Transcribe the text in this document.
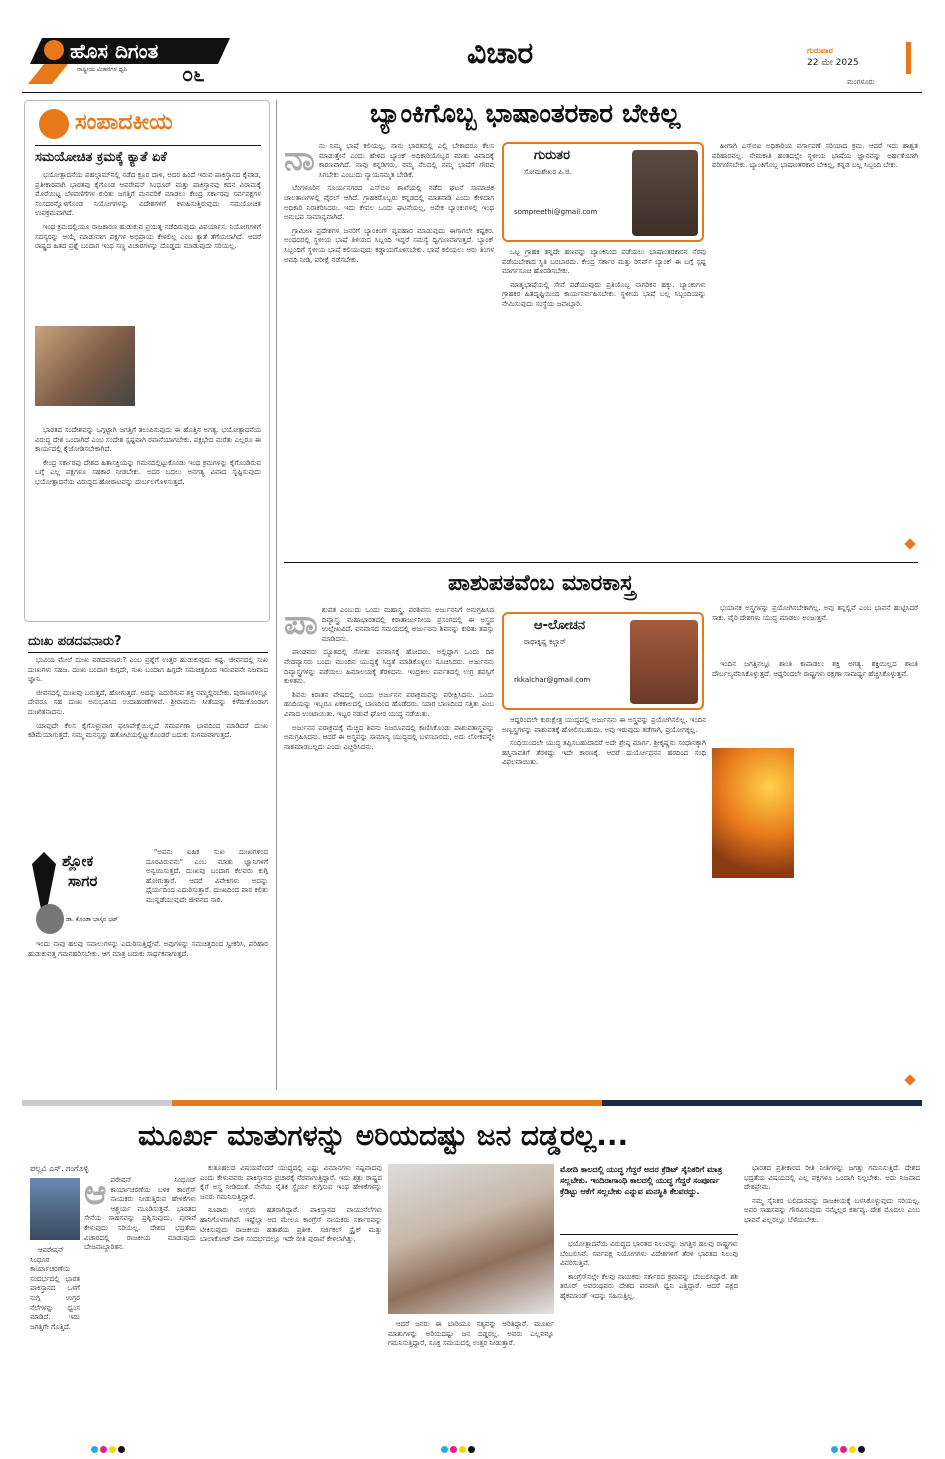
ಹೊಸ ದಿಗಂತ
ರಾಷ್ಟ್ರೀಯ ವಿಚಾರಗಳ ಧ್ವನಿ	೦೬
ವಿಚಾರ	ಗುರುವಾರ
22 ಮೇ 2025
ಮಂಗಳೂರು
ಸಂಪಾದಕೀಯ
ಸಮಯೋಚಿತ ಕ್ರಮಕ್ಕೆ ಕ್ಯಾತೆ ಏಕೆ

ಭಯೋತ್ಪಾದನೆಯ ಪಹಲ್ಗಾಮ್‌ನಲ್ಲಿ ನಡೆದ ಕ್ರೂರ ದಾಳಿ, ಅದರ ಹಿಂದೆ ಇರುವ ಪಾಕಿಸ್ತಾನದ ಕೈವಾಡ, ಪ್ರತೀಕಾರವಾಗಿ ಭಾರತವು ಕೈಗೊಂಡ ಆಪರೇಷನ್ ಸಿಂಧೂರ್ ಮತ್ತು ಪಾಕಿಸ್ತಾನವು ಕದನ ವಿರಾಮಕ್ಕೆ ಮೊರೆಯಿಟ್ಟ ಬೆಳವಣಿಗೆಗಳ ಕುರಿತು ಜಗತ್ತಿಗೆ ಮನವರಿಕೆ ಮಾಡಲು ಕೇಂದ್ರ ಸರ್ಕಾರವು ಸರ್ವಪಕ್ಷಗಳ ಸಂಸದರನ್ನೊಳಗೊಂಡ ನಿಯೋಗಗಳನ್ನು ವಿದೇಶಗಳಿಗೆ ಕಳುಹಿಸುತ್ತಿರುವುದು ಸಮಯೋಚಿತ ಉಪಕ್ರಮವಾಗಿದೆ.

ಇಂಥ ಕ್ರಮದಲ್ಲಿಯೂ ರಾಜಕಾರಣ ಹುಡುಕುವ ಪ್ರಯತ್ನ ನಡೆದಿರುವುದು ವಿಪರ್ಯಾಸ. ನಿಯೋಗಗಳಿಗೆ ಸದಸ್ಯರನ್ನು ಆಯ್ಕೆ ಮಾಡುವಾಗ ಪಕ್ಷಗಳ ಅಭಿಪ್ರಾಯ ಕೇಳಲಿಲ್ಲ ಎಂಬ ಕ್ಯಾತೆ ತೆಗೆಯಲಾಗಿದೆ. ಆದರೆ ರಾಷ್ಟ್ರದ ಹಿತದ ಪ್ರಶ್ನೆ ಬಂದಾಗ ಇಂಥ ಸಣ್ಣ ವಿಚಾರಗಳನ್ನು ದೊಡ್ಡದು ಮಾಡುವುದು ಸರಿಯಲ್ಲ.

ಭಾರತದ ಸಂದೇಶವನ್ನು ಒಗ್ಗಟ್ಟಾಗಿ ಜಗತ್ತಿಗೆ ತಲುಪಿಸುವುದು ಈ ಹೊತ್ತಿನ ಅಗತ್ಯ. ಭಯೋತ್ಪಾದನೆಯ ವಿರುದ್ಧ ದೇಶ ಒಂದಾಗಿದೆ ಎಂಬ ಸಂದೇಶ ಸ್ಪಷ್ಟವಾಗಿ ರವಾನೆಯಾಗಬೇಕು. ಪಕ್ಷಭೇದ ಮರೆತು ಎಲ್ಲರೂ ಈ ಕಾರ್ಯದಲ್ಲಿ ಕೈಜೋಡಿಸಬೇಕಾಗಿದೆ.

ಕೇಂದ್ರ ಸರ್ಕಾರವು ದೇಶದ ಹಿತಾಸಕ್ತಿಯನ್ನು ಗಮನದಲ್ಲಿಟ್ಟುಕೊಂಡು ಇಂಥ ಕ್ರಮಗಳನ್ನು ಕೈಗೊಂಡಿರುವ ಬಗ್ಗೆ ಎಲ್ಲ ಪಕ್ಷಗಳೂ ಸಹಕಾರ ನೀಡಬೇಕು. ಅದರ ಬದಲು ಅನಗತ್ಯ ವಿವಾದ ಸೃಷ್ಟಿಸುವುದು ಭಯೋತ್ಪಾದನೆಯ ವಿರುದ್ಧದ ಹೋರಾಟವನ್ನು ದುರ್ಬಲಗೊಳಿಸುತ್ತದೆ.

ದುಃಖ ಪಡದವನಾರು?

ಭುವಿಯ ಮೇಲೆ ದುಃಖ ಪಡದವನಾರು? ಎಂಬ ಪ್ರಶ್ನೆಗೆ ಉತ್ತರ ಹುಡುಕುವುದು ಕಷ್ಟ. ಜೀವನದಲ್ಲಿ ಸುಖ ದುಃಖಗಳು ಸಹಜ. ದುಃಖ ಬಂದಾಗ ಕುಗ್ಗದೇ, ಸುಖ ಬಂದಾಗ ಹಿಗ್ಗದೇ ಸಮಚಿತ್ತದಿಂದ ಇರುವವನೇ ನಿಜವಾದ ಜ್ಞಾನಿ.

ಜೀವನದಲ್ಲಿ ದುಃಖವು ಬರುತ್ತದೆ, ಹೋಗುತ್ತದೆ. ಅದನ್ನು ಎದುರಿಸುವ ಶಕ್ತಿ ನಮ್ಮಲ್ಲಿರಬೇಕು. ಪುರಾಣಗಳಲ್ಲೂ ದೇವರೂ ಸಹ ದುಃಖ ಅನುಭವಿಸಿದ ಉದಾಹರಣೆಗಳಿವೆ. ಶ್ರೀರಾಮನು ಸೀತೆಯನ್ನು ಕಳೆದುಕೊಂಡಾಗ ದುಃಖಿತನಾದನು.

ಯಾವುದೇ ಕೆಲಸ ಕೈಗೊಳ್ಳುವಾಗ ಫಲಾಪೇಕ್ಷೆಯಿಲ್ಲದೆ ಸಮರ್ಪಣಾ ಭಾವದಿಂದ ಮಾಡಿದರೆ ದುಃಖ ಕಡಿಮೆಯಾಗುತ್ತದೆ. ನಮ್ಮ ಮನಸ್ಸನ್ನು ಹತೋಟಿಯಲ್ಲಿಟ್ಟುಕೊಂಡರೆ ಬದುಕು ಸುಗಮವಾಗುತ್ತದೆ.

ಶ್ಲೋಕ
ಸಾಗರ
ಡಾ. ಕೊಂಡಾ ಭಾಸ್ಕರ ಭಟ್

"ಅವನು ಐಹಿಕ ಸುಖ ದುಃಖಗಳಿಂದ ದೂರವಿರುವನು" ಎಂಬ ಮಾತು ಜ್ಞಾನಿಗಳಿಗೆ ಅನ್ವಯಿಸುತ್ತದೆ. ದುಃಖವು ಬಂದಾಗ ಕೆಲವರು ಕುಗ್ಗಿ ಹೋಗುತ್ತಾರೆ. ಆದರೆ ವಿವೇಕಿಗಳು ಅದನ್ನು ಧೈರ್ಯದಿಂದ ಎದುರಿಸುತ್ತಾರೆ. ದುಃಖದಿಂದ ಪಾಠ ಕಲಿತು ಮುನ್ನಡೆಯುವುದೇ ಜೀವನದ ಸಾರ.

ಇಂದು ನಾವು ಹಲವು ಸವಾಲುಗಳನ್ನು ಎದುರಿಸುತ್ತಿದ್ದೇವೆ. ಅವುಗಳನ್ನು ಸಮಚಿತ್ತದಿಂದ ಸ್ವೀಕರಿಸಿ, ಪರಿಹಾರ ಹುಡುಕುವತ್ತ ಗಮನಹರಿಸಬೇಕು. ಆಗ ಮಾತ್ರ ಬದುಕು ಸಾರ್ಥಕವಾಗುತ್ತದೆ.

ಬ್ಯಾಂಕಿಗೊಬ್ಬ ಭಾಷಾಂತರಕಾರ ಬೇಕಿಲ್ಲ
ನಾ ನು ನಿಮ್ಮ ಭಾಷೆ ಕಲಿಯಲ್ಲ, ನಾನು ಭಾರತದಲ್ಲಿ ಎಲ್ಲಿ ಬೇಕಾದರೂ ಕೆಲಸ ಮಾಡುತ್ತೇನೆ ಎಂದು ಹೇಳಿದ ಬ್ಯಾಂಕ್ ಅಧಿಕಾರಿಯೊಬ್ಬರ ಮಾತು ವಿವಾದಕ್ಕೆ ಕಾರಣವಾಗಿದೆ. ನಾವು ಕನ್ನಡಿಗರು, ನಮ್ಮ ನೆಲದಲ್ಲಿ ನಮ್ಮ ಭಾಷೆಗೆ ಗೌರವ ಸಿಗಬೇಕು ಎಂಬುದು ನ್ಯಾಯಸಮ್ಮತ ಬೇಡಿಕೆ.

ಬೆಂಗಳೂರಿನ ಸೂರ್ಯನಗರದ ಎಸ್‌ಬಿಐ ಶಾಖೆಯಲ್ಲಿ ನಡೆದ ಘಟನೆ ಸಾಮಾಜಿಕ ಜಾಲತಾಣಗಳಲ್ಲಿ ವೈರಲ್ ಆಗಿದೆ. ಗ್ರಾಹಕರೊಬ್ಬರು ಕನ್ನಡದಲ್ಲಿ ಮಾತನಾಡಿ ಎಂದು ಕೇಳಿದಾಗ ಅಧಿಕಾರಿ ನಿರಾಕರಿಸಿದರು. ಇದು ಕೇವಲ ಒಂದು ಘಟನೆಯಲ್ಲ, ಅನೇಕ ಬ್ಯಾಂಕುಗಳಲ್ಲಿ ಇಂಥ ಅನುಭವ ಸಾಮಾನ್ಯವಾಗಿದೆ.

ಗ್ರಾಮೀಣ ಪ್ರದೇಶಗಳ ಜನರಿಗೆ ಬ್ಯಾಂಕಿಂಗ್ ವ್ಯವಹಾರ ಮಾಡುವುದು ಈಗಾಗಲೇ ಕಷ್ಟಕರ. ಅಂಥದರಲ್ಲಿ ಸ್ಥಳೀಯ ಭಾಷೆ ತಿಳಿಯದ ಸಿಬ್ಬಂದಿ ಇದ್ದರೆ ಸಮಸ್ಯೆ ದ್ವಿಗುಣವಾಗುತ್ತದೆ. ಬ್ಯಾಂಕ್ ಸಿಬ್ಬಂದಿಗೆ ಸ್ಥಳೀಯ ಭಾಷೆ ಕಲಿಯುವುದು ಕಡ್ಡಾಯಗೊಳಿಸಬೇಕು. ಭಾಷೆ ಕಲಿಯಲು ಆರು ತಿಂಗಳ ಅವಧಿ ನೀಡಿ, ಪರೀಕ್ಷೆ ನಡೆಸಬೇಕು.

ಗುರುತರ
ಸೋಮಶೇಖರ ಪಿ.ಜಿ.
sompreethi@gmail.com

ಒಬ್ಬ ಗ್ರಾಹಕ ತನ್ನದೇ ಹಣವನ್ನು ಬ್ಯಾಂಕಿನಿಂದ ಪಡೆಯಲು ಭಾಷಾಂತರಕಾರನ ನೆರವು ಪಡೆಯಬೇಕಾದ ಸ್ಥಿತಿ ಬರಬಾರದು. ಕೇಂದ್ರ ಸರ್ಕಾರ ಮತ್ತು ರಿಸರ್ವ್ ಬ್ಯಾಂಕ್ ಈ ಬಗ್ಗೆ ಸ್ಪಷ್ಟ ಮಾರ್ಗಸೂಚಿ ಹೊರಡಿಸಬೇಕು.

ಮಾತೃಭಾಷೆಯಲ್ಲಿ ಸೇವೆ ಪಡೆಯುವುದು ಪ್ರತಿಯೊಬ್ಬ ನಾಗರಿಕನ ಹಕ್ಕು. ಬ್ಯಾಂಕುಗಳು ಗ್ರಾಹಕರ ಹಿತದೃಷ್ಟಿಯಿಂದ ಕಾರ್ಯನಿರ್ವಹಿಸಬೇಕು. ಸ್ಥಳೀಯ ಭಾಷೆ ಬಲ್ಲ ಸಿಬ್ಬಂದಿಯನ್ನು ನೇಮಿಸುವುದು ಸಂಸ್ಥೆಯ ಜವಾಬ್ದಾರಿ.

ಹೀಗಾಗಿ ಎಸ್‌ಬಿಐ ಅಧಿಕಾರಿಯ ವರ್ಗಾವಣೆ ಸರಿಯಾದ ಕ್ರಮ. ಆದರೆ ಇದು ಶಾಶ್ವತ ಪರಿಹಾರವಲ್ಲ. ನೇಮಕಾತಿ ಹಂತದಲ್ಲೇ ಸ್ಥಳೀಯ ಭಾಷೆಯ ಜ್ಞಾನವನ್ನು ಅರ್ಹತೆಯಾಗಿ ಪರಿಗಣಿಸಬೇಕು. ಬ್ಯಾಂಕಿಗೊಬ್ಬ ಭಾಷಾಂತರಕಾರ ಬೇಕಿಲ್ಲ, ಕನ್ನಡ ಬಲ್ಲ ಸಿಬ್ಬಂದಿ ಬೇಕು.

ಪಾಶುಪತವೆಂಬ ಮಾರಕಾಸ್ತ್ರ
ಪಾ ಶುಪತ ಎಂಬುದು ಒಂದು ಮಹಾಸ್ತ್ರ. ಪರಶಿವನು ಅರ್ಜುನನಿಗೆ ಅನುಗ್ರಹಿಸಿದ ದಿವ್ಯಾಸ್ತ್ರ. ಮಹಾಭಾರತದಲ್ಲಿ ಕಿರಾತಾರ್ಜುನೀಯ ಪ್ರಸಂಗದಲ್ಲಿ ಈ ಅಸ್ತ್ರದ ಉಲ್ಲೇಖವಿದೆ. ವನವಾಸದ ಸಮಯದಲ್ಲಿ ಅರ್ಜುನನು ಶಿವನನ್ನು ಕುರಿತು ತಪಸ್ಸು ಮಾಡಿದನು.

ಪಾಂಡವರು ದ್ಯೂತದಲ್ಲಿ ಸೋತು ವನವಾಸಕ್ಕೆ ಹೋದರು. ಅಲ್ಲಿದ್ದಾಗ ಒಂದು ದಿನ ವೇದವ್ಯಾಸರು ಬಂದು ಮುಂದಿನ ಯುದ್ಧಕ್ಕೆ ಸಿದ್ಧತೆ ಮಾಡಿಕೊಳ್ಳಲು ಸೂಚಿಸಿದರು. ಅರ್ಜುನನು ದಿವ್ಯಾಸ್ತ್ರಗಳನ್ನು ಪಡೆಯಲು ಹಿಮಾಲಯಕ್ಕೆ ತೆರಳಿದನು. ಇಂದ್ರಕೀಲ ಪರ್ವತದಲ್ಲಿ ಉಗ್ರ ತಪಸ್ಸಿಗೆ ಕುಳಿತನು.

ಶಿವನು ಕಿರಾತನ ವೇಷದಲ್ಲಿ ಬಂದು ಅರ್ಜುನನ ಪರಾಕ್ರಮವನ್ನು ಪರೀಕ್ಷಿಸಿದನು. ಒಂದು ಹಂದಿಯನ್ನು ಇಬ್ಬರೂ ಏಕಕಾಲದಲ್ಲಿ ಬಾಣದಿಂದ ಹೊಡೆದರು. ಯಾರ ಬಾಣದಿಂದ ಸತ್ತಿತು ಎಂಬ ವಿವಾದ ಉಂಟಾಯಿತು. ಇಬ್ಬರ ನಡುವೆ ಘೋರ ಯುದ್ಧ ನಡೆಯಿತು.

ಅರ್ಜುನನ ಪರಾಕ್ರಮಕ್ಕೆ ಮೆಚ್ಚಿದ ಶಿವನು ನಿಜರೂಪದಲ್ಲಿ ಕಾಣಿಸಿಕೊಂಡು ಪಾಶುಪತಾಸ್ತ್ರವನ್ನು ಅನುಗ್ರಹಿಸಿದನು. ಆದರೆ ಈ ಅಸ್ತ್ರವನ್ನು ಸಾಮಾನ್ಯ ಯುದ್ಧದಲ್ಲಿ ಬಳಸಬಾರದು, ಅದು ಲೋಕವನ್ನೇ ನಾಶಮಾಡಬಲ್ಲದು ಎಂದು ಎಚ್ಚರಿಸಿದನು.

ಆ-ಲೋಚನ
ರಾಧಾಕೃಷ್ಣ ಕಲ್ಚಾರ್
rkkalchar@gmail.com

ಆದ್ದರಿಂದಲೇ ಕುರುಕ್ಷೇತ್ರ ಯುದ್ಧದಲ್ಲಿ ಅರ್ಜುನನು ಈ ಅಸ್ತ್ರವನ್ನು ಪ್ರಯೋಗಿಸಲಿಲ್ಲ. ಇಂದಿನ ಅಣ್ವಸ್ತ್ರಗಳನ್ನು ಪಾಶುಪತಕ್ಕೆ ಹೋಲಿಸಬಹುದು. ಅವು ಇರುವುದು ತಡೆಗಾಗಿ, ಪ್ರಯೋಗಕ್ಕಲ್ಲ.

ಸಂಧಿಯಿಂದಲೇ ಯುದ್ಧ ತಪ್ಪಿಸಬಹುದಾದರೆ ಅದೇ ಶ್ರೇಷ್ಠ ಮಾರ್ಗ. ಶ್ರೀಕೃಷ್ಣನು ಸಂಧಾನಕ್ಕಾಗಿ ಹಸ್ತಿನಾವತಿಗೆ ತೆರಳಿದ್ದು ಇದೇ ಕಾರಣಕ್ಕೆ. ಆದರೆ ದುರ್ಯೋಧನನ ಹಠದಿಂದ ಸಂಧಿ ವಿಫಲವಾಯಿತು.

ಭಯಾನಕ ಅಸ್ತ್ರಗಳನ್ನು ಪ್ರಯೋಗಿಸಬೇಕಾಗಿಲ್ಲ. ಅವು ತನ್ನಲ್ಲಿವೆ ಎಂಬ ಭಾವನೆ ಹುಟ್ಟಿಸಿದರೆ ಸಾಕು. ವೈರಿ ದೇಶಗಳು ಯುದ್ಧ ಮಾಡಲು ಅಂಜುತ್ತವೆ.

ಇಂದಿನ ಜಗತ್ತಿನಲ್ಲೂ ಶಾಂತಿ ಕಾಪಾಡಲು ಶಕ್ತಿ ಅಗತ್ಯ. ಶಕ್ತಿಯಿಲ್ಲದ ಶಾಂತಿ ದೌರ್ಬಲ್ಯವೆನಿಸಿಕೊಳ್ಳುತ್ತದೆ. ಆದ್ದರಿಂದಲೇ ರಾಷ್ಟ್ರಗಳು ರಕ್ಷಣಾ ಸಾಮರ್ಥ್ಯ ಹೆಚ್ಚಿಸಿಕೊಳ್ಳುತ್ತವೆ.

ಮೂರ್ಖ ಮಾತುಗಳನ್ನು ಅರಿಯದಷ್ಟು ಜನ ದಡ್ಡರಲ್ಲ...
ಪಲ್ಲವಿ ಎಸ್. ಗಂಗೊಳ್ಳಿ
ಆ ಪರೇಷನ್ ಸಿಂಧೂರ್ ಕಾರ್ಯಾಚರಣೆಯ ಬಳಿಕ ಕಾಂಗ್ರೆಸ್ ನಾಯಕರು ನೀಡುತ್ತಿರುವ ಹೇಳಿಕೆಗಳು ಆಶ್ಚರ್ಯ ಮೂಡಿಸುತ್ತವೆ. ಭಾರತದ ಸೇನೆಯ ಸಾಹಸವನ್ನು ಪ್ರಶ್ನಿಸುವುದು, ಪುರಾವೆ ಕೇಳುವುದು ಸರಿಯಲ್ಲ. ದೇಶದ ಭದ್ರತೆಯ ವಿಚಾರದಲ್ಲಿ ರಾಜಕೀಯ ಮಾಡುವುದು ಬೇಜವಾಬ್ದಾರಿತನ.

ಆಪರೇಷನ್ ಸಿಂಧೂರ ಕಾರ್ಯಾಚರಣೆಯ ಸಂದರ್ಭದಲ್ಲಿ ಭಾರತ ಪಾಕಿಸ್ತಾನದ ಒಳಗೆ ನುಗ್ಗಿ ಉಗ್ರರ ನೆಲೆಗಳನ್ನು ಧ್ವಂಸ ಮಾಡಿದೆ. ಇದು ಜಗತ್ತಿಗೇ ಗೊತ್ತಿದೆ.

ಕುತೂಹಲದ ವಿಷಯವೆಂದರೆ ಯುದ್ಧದಲ್ಲಿ ಎಷ್ಟು ವಿಮಾನಗಳು ನಷ್ಟವಾದವು ಎಂದು ಕೇಳುವವರು ಪಾಕಿಸ್ತಾನದ ಪ್ರಚಾರಕ್ಕೆ ನೆರವಾಗುತ್ತಿದ್ದಾರೆ. ಇದು ಶತ್ರು ರಾಷ್ಟ್ರದ ಕೈಗೆ ಅಸ್ತ್ರ ನೀಡಿದಂತೆ. ಸೇನೆಯ ನೈತಿಕ ಸ್ಥೈರ್ಯ ಕುಗ್ಗಿಸುವ ಇಂಥ ಹೇಳಿಕೆಗಳನ್ನು ಜನರು ಗಮನಿಸುತ್ತಿದ್ದಾರೆ.

ನೂರಾರು ಉಗ್ರರು ಹತರಾಗಿದ್ದಾರೆ. ಪಾಕಿಸ್ತಾನದ ವಾಯುನೆಲೆಗಳು ಹಾನಿಗೊಳಗಾಗಿವೆ. ಇಷ್ಟೆಲ್ಲಾ ಆದ ಮೇಲೂ ಕಾಂಗ್ರೆಸ್ ನಾಯಕರು ಸರ್ಕಾರವನ್ನು ಟೀಕಿಸುವುದು ರಾಜಕೀಯ ಹತಾಶೆಯ ಪ್ರತೀಕ. ಸರ್ಜಿಕಲ್ ಸ್ಟ್ರೈಕ್ ಮತ್ತು ಬಾಲಾಕೋಟ್ ದಾಳಿ ಸಂದರ್ಭದಲ್ಲೂ ಇದೇ ರೀತಿ ಪುರಾವೆ ಕೇಳಲಾಗಿತ್ತು.

ಆದರೆ ಜನರು ಈ ಬಾರಿಯೂ ಸತ್ಯವನ್ನು ಅರಿತಿದ್ದಾರೆ. ಮೂರ್ಖ ಮಾತುಗಳನ್ನು ಅರಿಯದಷ್ಟು ಜನ ದಡ್ಡರಲ್ಲ. ಅವರು ಎಲ್ಲವನ್ನೂ ಗಮನಿಸುತ್ತಿದ್ದಾರೆ, ಸೂಕ್ತ ಸಮಯದಲ್ಲಿ ಉತ್ತರ ನೀಡುತ್ತಾರೆ.

ಮೋದಿ ಕಾಲದಲ್ಲಿ ಯುದ್ಧ ಗೆದ್ದರೆ ಅದರ ಕ್ರೆಡಿಟ್ ಸೈನಿಕರಿಗೆ ಮಾತ್ರ ಸಲ್ಲಬೇಕು. ಇಂದಿರಾಗಾಂಧಿ ಕಾಲದಲ್ಲಿ ಯುದ್ಧ ಗೆದ್ದರೆ ಸಂಪೂರ್ಣ ಕ್ರೆಡಿಟ್ಟು ಆಕೆಗೆ ಸಲ್ಲಬೇಕು ಎನ್ನುವ ಮನಸ್ಥಿತಿ ಕೆಲವರದ್ದು.

ಭಯೋತ್ಪಾದನೆಯ ವಿರುದ್ಧದ ಭಾರತದ ನಿಲುವನ್ನು ಜಗತ್ತಿನ ಹಲವು ರಾಷ್ಟ್ರಗಳು ಬೆಂಬಲಿಸಿವೆ. ಸರ್ವಪಕ್ಷ ನಿಯೋಗಗಳು ವಿದೇಶಗಳಿಗೆ ತೆರಳಿ ಭಾರತದ ನಿಲುವು ವಿವರಿಸುತ್ತಿವೆ.

ಕಾಂಗ್ರೆಸ್‌ನಲ್ಲೇ ಕೆಲವು ನಾಯಕರು ಸರ್ಕಾರದ ಕ್ರಮವನ್ನು ಬೆಂಬಲಿಸಿದ್ದಾರೆ. ಶಶಿ ತರೂರ್ ಅವರಂಥವರು ದೇಶದ ಪರವಾಗಿ ಧ್ವನಿ ಎತ್ತಿದ್ದಾರೆ. ಆದರೆ ಪಕ್ಷದ ಹೈಕಮಾಂಡ್ ಇದನ್ನು ಸಹಿಸುತ್ತಿಲ್ಲ.

ಭಾರತದ ಪ್ರತೀಕಾರದ ರೀತಿ ನೀತಿಗಳನ್ನು ಜಗತ್ತು ಗಮನಿಸುತ್ತಿದೆ. ದೇಶದ ಭದ್ರತೆಯ ವಿಷಯದಲ್ಲಿ ಎಲ್ಲ ಪಕ್ಷಗಳೂ ಒಂದಾಗಿ ನಿಲ್ಲಬೇಕು. ಅದು ನಿಜವಾದ ದೇಶಪ್ರೇಮ.

ನಮ್ಮ ಸೈನಿಕರ ಬಲಿದಾನವನ್ನು ರಾಜಕೀಯಕ್ಕೆ ಬಳಸಿಕೊಳ್ಳುವುದು ಸರಿಯಲ್ಲ. ಅವರ ಸಾಹಸವನ್ನು ಗೌರವಿಸುವುದು ನಮ್ಮೆಲ್ಲರ ಕರ್ತವ್ಯ. ದೇಶ ಮೊದಲು ಎಂಬ ಭಾವನೆ ಎಲ್ಲರಲ್ಲೂ ಬೆಳೆಯಬೇಕು.
